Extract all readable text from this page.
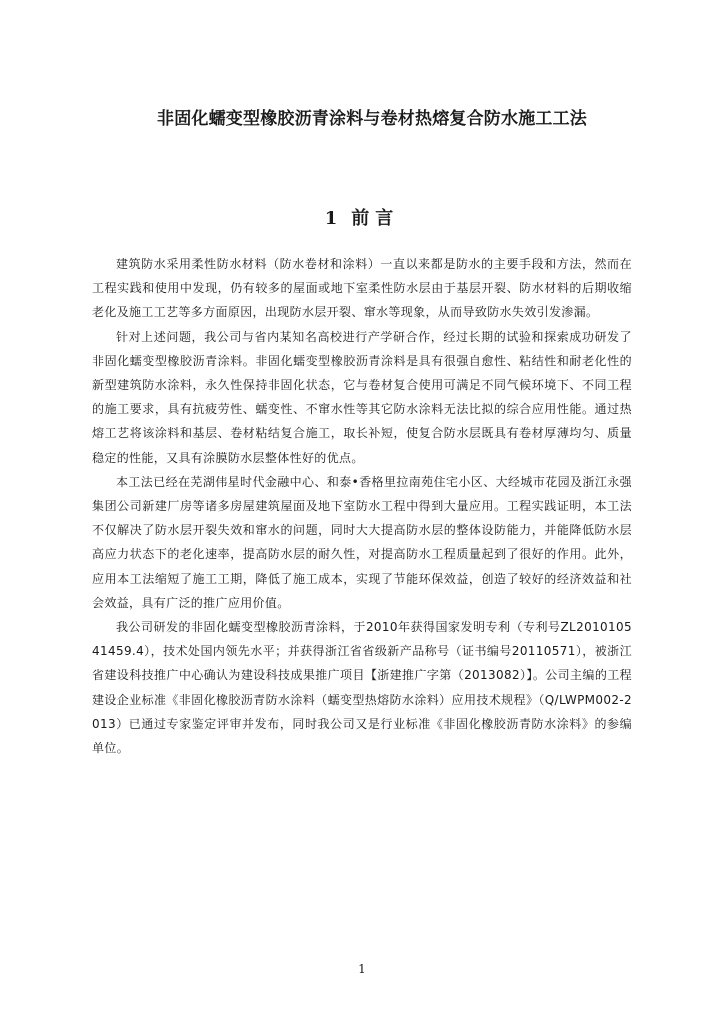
非固化蠕变型橡胶沥青涂料与卷材热熔复合防水施工工法
1 前言

建筑防水采用柔性防水材料（防水卷材和涂料）一直以来都是防水的主要手段和方法，然而在工程实践和使用中发现，仍有较多的屋面或地下室柔性防水层由于基层开裂、防水材料的后期收缩老化及施工工艺等多方面原因，出现防水层开裂、窜水等现象，从而导致防水失效引发渗漏。

针对上述问题，我公司与省内某知名高校进行产学研合作，经过长期的试验和探索成功研发了非固化蠕变型橡胶沥青涂料。非固化蠕变型橡胶沥青涂料是具有很强自愈性、粘结性和耐老化性的新型建筑防水涂料，永久性保持非固化状态，它与卷材复合使用可满足不同气候环境下、不同工程的施工要求，具有抗疲劳性、蠕变性、不窜水性等其它防水涂料无法比拟的综合应用性能。通过热熔工艺将该涂料和基层、卷材粘结复合施工，取长补短，使复合防水层既具有卷材厚薄均匀、质量稳定的性能，又具有涂膜防水层整体性好的优点。

本工法已经在芜湖伟星时代金融中心、和泰•香格里拉南苑住宅小区、大经城市花园及浙江永强集团公司新建厂房等诸多房屋建筑屋面及地下室防水工程中得到大量应用。工程实践证明，本工法不仅解决了防水层开裂失效和窜水的问题，同时大大提高防水层的整体设防能力，并能降低防水层高应力状态下的老化速率，提高防水层的耐久性，对提高防水工程质量起到了很好的作用。此外，应用本工法缩短了施工工期，降低了施工成本，实现了节能环保效益，创造了较好的经济效益和社会效益，具有广泛的推广应用价值。

我公司研发的非固化蠕变型橡胶沥青涂料，于2010年获得国家发明专利（专利号ZL201010541459.4），技术处国内领先水平；并获得浙江省省级新产品称号（证书编号20110571），被浙江省建设科技推广中心确认为建设科技成果推广项目【浙建推广字第（2013082）】。公司主编的工程建设企业标准《非固化橡胶沥青防水涂料（蠕变型热熔防水涂料）应用技术规程》（Q/LWPM002-2013）已通过专家鉴定评审并发布，同时我公司又是行业标准《非固化橡胶沥青防水涂料》的参编单位。

1
